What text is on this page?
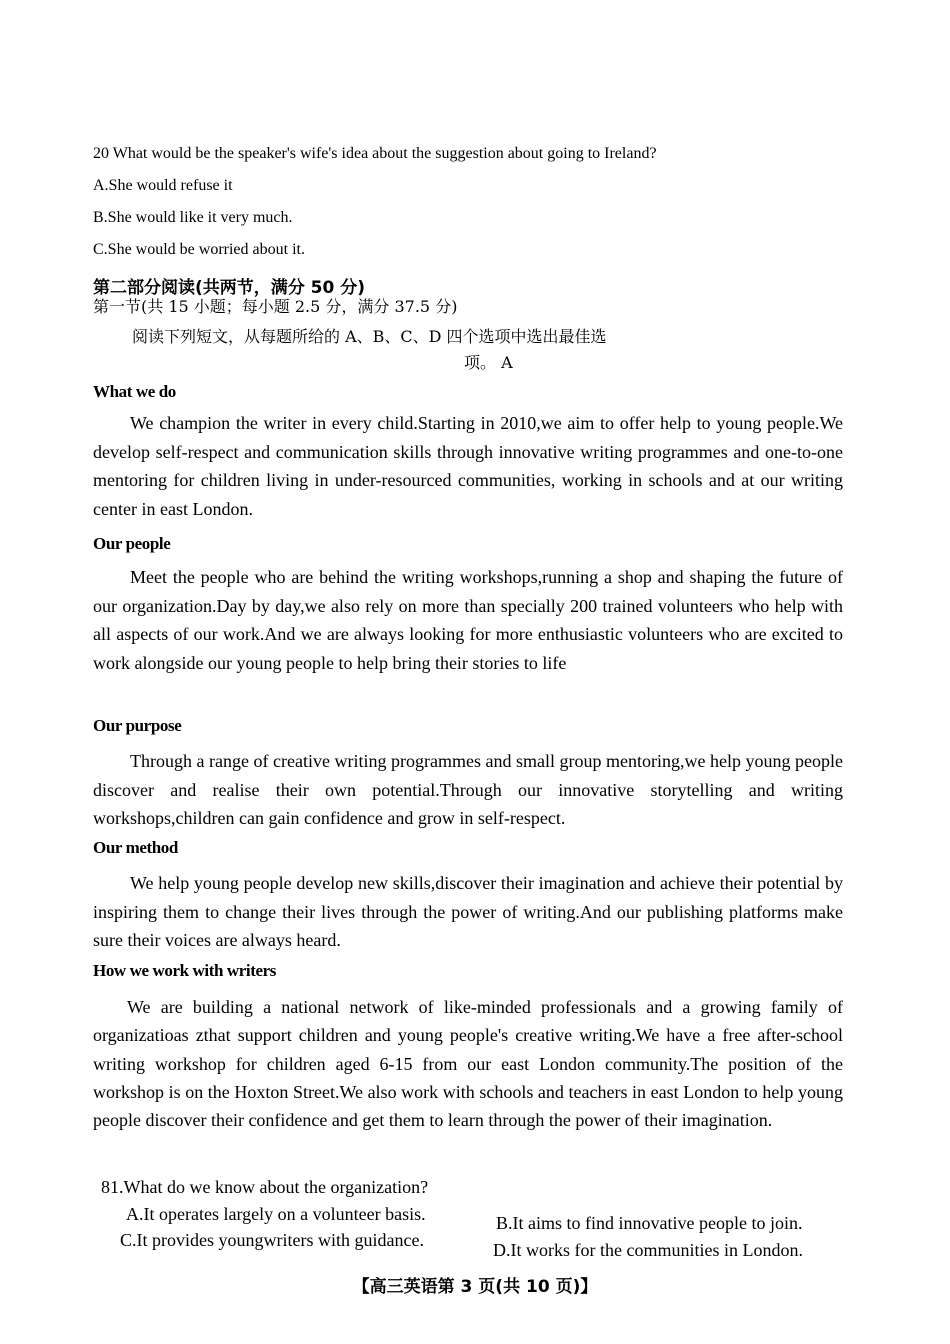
20 What would be the speaker's wife's idea about the suggestion about going to Ireland?
A.She would refuse it
B.She would like it very much.
C.She would be worried about it.
第二部分阅读(共两节，满分 50 分)
第一节(共 15 小题；每小题 2.5 分，满分 37.5 分)
阅读下列短文，从每题所给的 A、B、C、D 四个选项中选出最佳选
项。 A
What we do

We champion the writer in every child.Starting in 2010,we aim to offer help to young people.We develop self-respect and communication skills through innovative writing programmes and one-to-one mentoring for children living in under-resourced communities, working in schools and at our writing center in east London.

Our people

Meet the people who are behind the writing workshops,running a shop and shaping the future of our organization.Day by day,we also rely on more than specially 200 trained volunteers who help with all aspects of our work.And we are always looking for more enthusiastic volunteers who are excited to work alongside our young people to help bring their stories to life

Our purpose

Through a range of creative writing programmes and small group mentoring,we help young people discover and realise their own potential.Through our innovative storytelling and writing workshops,children can gain confidence and grow in self-respect.

Our method

We help young people develop new skills,discover their imagination and achieve their potential by inspiring them to change their lives through the power of writing.And our publishing platforms make sure their voices are always heard.

How we work with writers

We are building a national network of like-minded professionals and a growing family of organizatioas zthat support children and young people's creative writing.We have a free after-school writing workshop for children aged 6-15 from our east London community.The position of the workshop is on the Hoxton Street.We also work with schools and teachers in east London to help young people discover their confidence and get them to learn through the power of their imagination.

81.What do we know about the organization?
A.It operates largely on a volunteer basis.	B.It aims to find innovative people to join.
C.It provides youngwriters with guidance.	D.It works for the communities in London.
【高三英语第 3 页(共 10 页)】
